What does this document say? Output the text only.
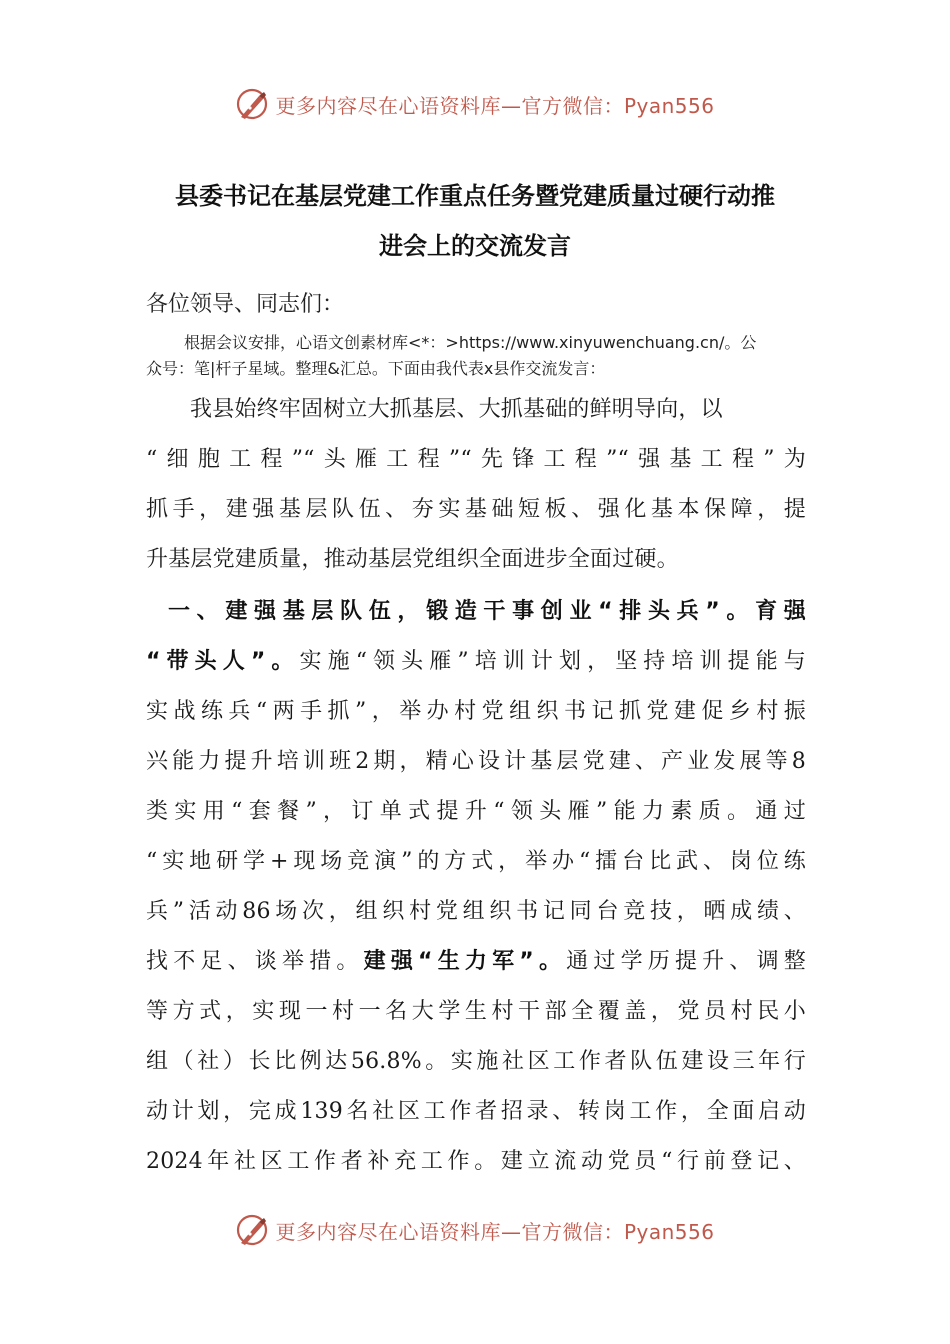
更多内容尽在心语资料库—官方微信：Pyan556
县委书记在基层党建工作重点任务暨党建质量过硬行动推
进会上的交流发言
各位领导、同志们：
根据会议安排，心语文创素材库<*：>https://www.xinyuwenchuang.cn/。公
众号：笔|杆子星域。整理&汇总。下面由我代表x县作交流发言：
我县始终牢固树立大抓基层、大抓基础的鲜明导向，以
“细胞工程”“头雁工程”“先锋工程”“强基工程”为
抓手，建强基层队伍、夯实基础短板、强化基本保障，提
升基层党建质量，推动基层党组织全面进步全面过硬。
一、建强基层队伍，锻造干事创业“排头兵”。育强
“带头人”。实施“领头雁”培训计划，坚持培训提能与
实战练兵“两手抓”，举办村党组织书记抓党建促乡村振
兴能力提升培训班2期，精心设计基层党建、产业发展等8
类实用“套餐”，订单式提升“领头雁”能力素质。通过
“实地研学+现场竞演”的方式，举办“擂台比武、岗位练
兵”活动86场次，组织村党组织书记同台竞技，晒成绩、
找不足、谈举措。建强“生力军”。通过学历提升、调整
等方式，实现一村一名大学生村干部全覆盖，党员村民小
组（社）长比例达56.8%。实施社区工作者队伍建设三年行
动计划，完成139名社区工作者招录、转岗工作，全面启动
2024年社区工作者补充工作。建立流动党员“行前登记、
更多内容尽在心语资料库—官方微信：Pyan556
